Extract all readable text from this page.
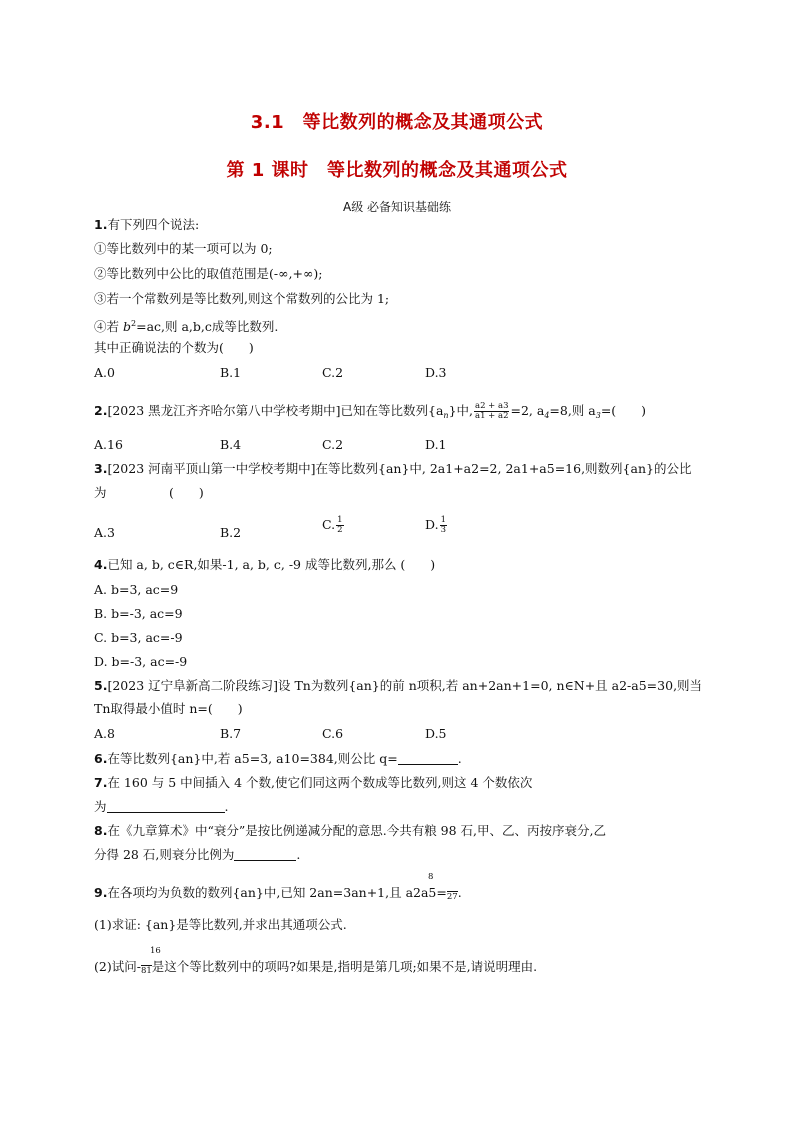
3.1　等比数列的概念及其通项公式
第 1 课时　等比数列的概念及其通项公式
A级 必备知识基础练
1.有下列四个说法:
①等比数列中的某一项可以为 0;
②等比数列中公比的取值范围是(-∞,+∞);
③若一个常数列是等比数列,则这个常数列的公比为 1;
④若 $b^2=ac$,则 a,b,c成等比数列.
其中正确说法的个数为(　　)
A.0	B.1	C.2	D.3
2.[2023 黑龙江齐齐哈尔第八中学校考期中]已知在等比数列$\{a_n\}$中, $\frac{a2 + a3}{a1 + a2} =2$, $a_4=8$,则 $a_3=$(　　)
A.16	B.4	C.2	D.1
3.[2023 河南平顶山第一中学校考期中]在等比数列{an}中, 2a1+a2=2, 2a1+a5=16,则数列{an}的公比
为　　　　　(　　)
A.3	B.2
C. $\frac{1}{2}$	D. $\frac{1}{3}$
4.已知 a, b, c∈R,如果-1, a, b, c, -9 成等比数列,那么 (　　)
A. b=3, ac=9
B. b=-3, ac=9
C. b=3, ac=-9
D. b=-3, ac=-9
5.[2023 辽宁阜新高二阶段练习]设 Tn为数列{an}的前 n项积,若 an+2an+1=0, n∈N+且 a2-a5=30,则当
Tn取得最小值时 n=(　　)
A.8	B.7	C.6	D.5
6.在等比数列{an}中,若 a5=3, a10=384,则公比 q=	.
7.在 160 与 5 中间插入 4 个数,使它们同这两个数成等比数列,则这 4 个数依次
为	.
8.在《九章算术》中“衰分”是按比例递减分配的意思.今共有粮 98 石,甲、乙、丙按序衰分,乙
分得 28 石,则衰分比例为	.
8
9.在各项均为负数的数列{an}中,已知 2an=3an+1,且 a2a5=27.
(1)求证: {an}是等比数列,并求出其通项公式.
16
(2)试问-81是这个等比数列中的项吗?如果是,指明是第几项;如果不是,请说明理由.
